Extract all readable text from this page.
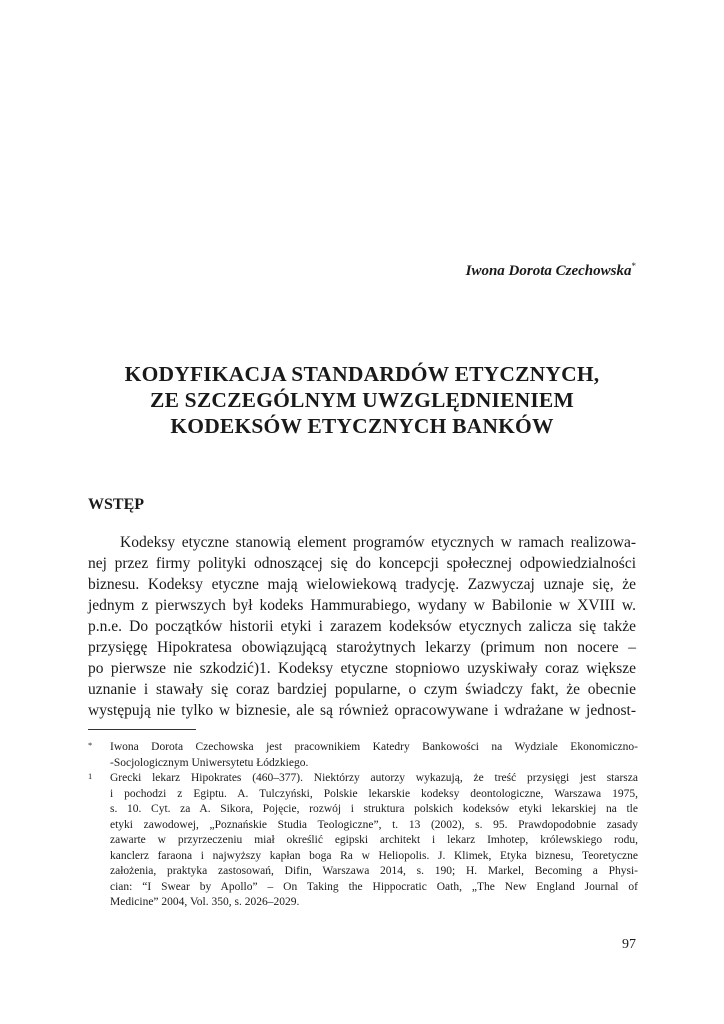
Iwona Dorota Czechowska*
KODYFIKACJA STANDARDÓW ETYCZNYCH,
ZE SZCZEGÓLNYM UWZGLĘDNIENIEM
KODEKSÓW ETYCZNYCH BANKÓW
WSTĘP
Kodeksy etyczne stanowią element programów etycznych w ramach realizowa-
nej przez firmy polityki odnoszącej się do koncepcji społecznej odpowiedzialności
biznesu. Kodeksy etyczne mają wielowiekową tradycję. Zazwyczaj uznaje się, że
jednym z pierwszych był kodeks Hammurabiego, wydany w Babilonie w XVIII w.
p.n.e. Do początków historii etyki i zarazem kodeksów etycznych zalicza się także
przysięgę Hipokratesa obowiązującą starożytnych lekarzy (primum non nocere –
po pierwsze nie szkodzić)1. Kodeksy etyczne stopniowo uzyskiwały coraz większe
uznanie i stawały się coraz bardziej popularne, o czym świadczy fakt, że obecnie
występują nie tylko w biznesie, ale są również opracowywane i wdrażane w jednost-
* Iwona Dorota Czechowska jest pracownikiem Katedry Bankowości na Wydziale Ekonomiczno-
-Socjologicznym Uniwersytetu Łódzkiego.
1 Grecki lekarz Hipokrates (460–377). Niektórzy autorzy wykazują, że treść przysięgi jest starsza
i pochodzi z Egiptu. A. Tulczyński, Polskie lekarskie kodeksy deontologiczne, Warszawa 1975,
s. 10. Cyt. za A. Sikora, Pojęcie, rozwój i struktura polskich kodeksów etyki lekarskiej na tle
etyki zawodowej, „Poznańskie Studia Teologiczne”, t. 13 (2002), s. 95. Prawdopodobnie zasady
zawarte w przyrzeczeniu miał określić egipski architekt i lekarz Imhotep, królewskiego rodu,
kanclerz faraona i najwyższy kapłan boga Ra w Heliopolis. J. Klimek, Etyka biznesu, Teoretyczne
założenia, praktyka zastosowań, Difin, Warszawa 2014, s. 190; H. Markel, Becoming a Physi-
cian: “I Swear by Apollo” – On Taking the Hippocratic Oath, „The New England Journal of
Medicine” 2004, Vol. 350, s. 2026–2029.
97
